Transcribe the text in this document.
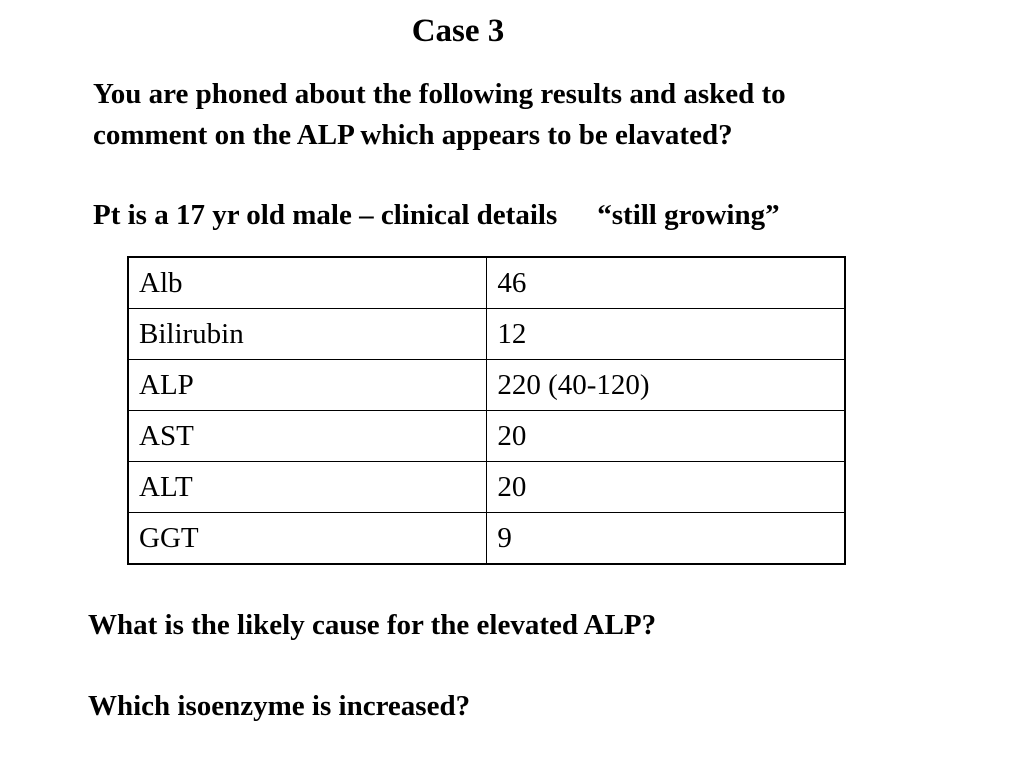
Case 3

You are phoned about the following results and asked to
comment on the ALP which appears to be elavated?

Pt is a 17 yr old male – clinical details “still growing”
Alb	46
Bilirubin	12
ALP	220 (40-120)
AST	20
ALT	20
GGT	9
What is the likely cause for the elevated ALP?
Which isoenzyme is increased?
